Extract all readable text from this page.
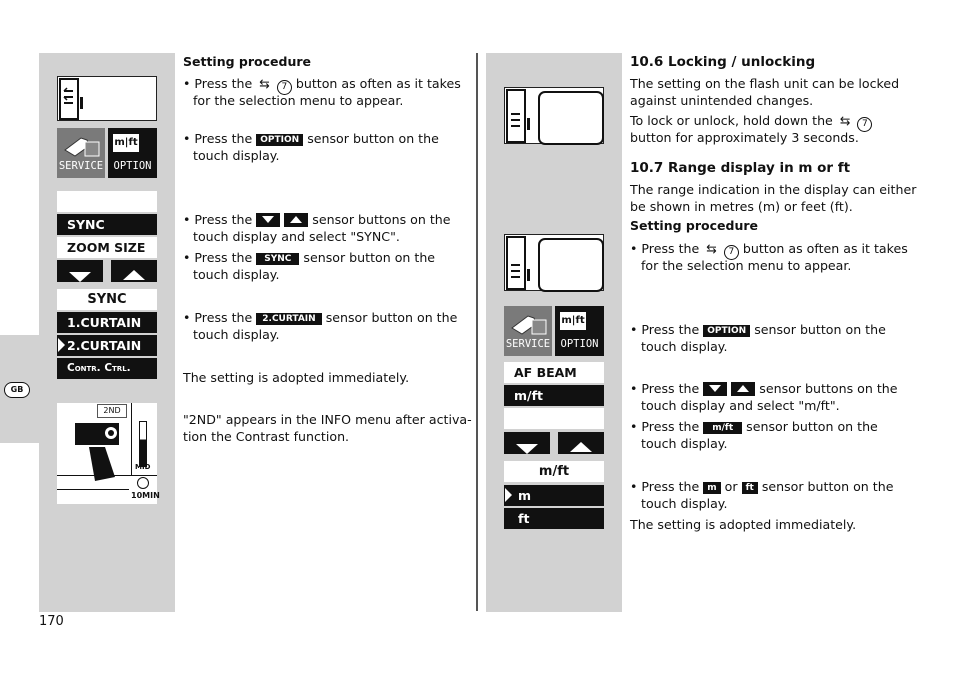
GB
170
SERVICE
m|ft
OPTION
SYNC
ZOOM SIZE
SYNC
1.CURTAIN
2.CURTAIN
Contr. Ctrl.
2ND
MID
10MIN
Setting procedure
• Press the ⇆ 7 button as often as it takes
for the selection menu to appear.
• Press the OPTION sensor button on the
touch display.
• Press the	sensor buttons on the
touch display and select "SYNC".
• Press the SYNC sensor button on the
touch display.
• Press the 2.CURTAIN sensor button on the
touch display.
The setting is adopted immediately.
"2ND" appears in the INFO menu after activa-
tion the Contrast function.
SERVICE
m|ft
OPTION
AF BEAM
m/ft
m/ft
m
ft
10.6 Locking / unlocking
The setting on the flash unit can be locked
against unintended changes.
To lock or unlock, hold down the ⇆ 7
button for approximately 3 seconds.
10.7 Range display in m or ft
The range indication in the display can either
be shown in metres (m) or feet (ft).
Setting procedure
• Press the ⇆ 7 button as often as it takes
for the selection menu to appear.
• Press the OPTION sensor button on the
touch display.
• Press the	sensor buttons on the
touch display and select "m/ft".
• Press the m/ft sensor button on the
touch display.
• Press the m or ft sensor button on the
touch display.
The setting is adopted immediately.
